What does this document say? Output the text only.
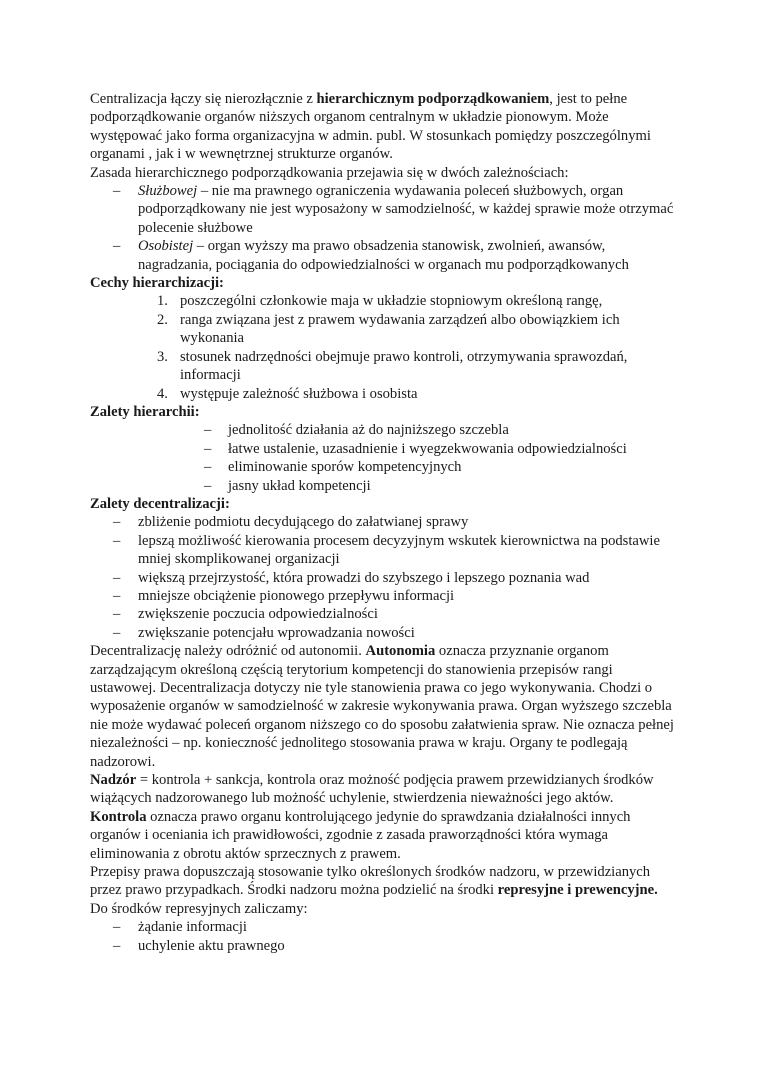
Centralizacja łączy się nierozłącznie z hierarchicznym podporządkowaniem, jest to pełne podporządkowanie organów niższych organom centralnym w układzie pionowym. Może występować jako forma organizacyjna w admin. publ. W stosunkach pomiędzy poszczególnymi organami , jak i w wewnętrznej strukturze organów.

Zasada hierarchicznego podporządkowania przejawia się w dwóch zależnościach:

– Służbowej – nie ma prawnego ograniczenia wydawania poleceń służbowych, organ podporządkowany nie jest wyposażony w samodzielność, w każdej sprawie może otrzymać polecenie służbowe
– Osobistej – organ wyższy ma prawo obsadzenia stanowisk, zwolnień, awansów, nagradzania, pociągania do odpowiedzialności w organach mu podporządkowanych

Cechy hierarchizacji:

1. poszczególni członkowie maja w układzie stopniowym określoną rangę,
2. ranga związana jest z prawem wydawania zarządzeń albo obowiązkiem ich wykonania
3. stosunek nadrzędności obejmuje prawo kontroli, otrzymywania sprawozdań, informacji
4. występuje zależność służbowa i osobista

Zalety hierarchii:

– jednolitość działania aż do najniższego szczebla
– łatwe ustalenie, uzasadnienie i wyegzekwowania odpowiedzialności
– eliminowanie sporów kompetencyjnych
– jasny układ kompetencji

Zalety decentralizacji:

– zbliżenie podmiotu decydującego do załatwianej sprawy
– lepszą możliwość kierowania procesem decyzyjnym wskutek kierownictwa na podstawie mniej skomplikowanej organizacji
– większą przejrzystość, która prowadzi do szybszego i lepszego poznania wad
– mniejsze obciążenie pionowego przepływu informacji
– zwiększenie poczucia odpowiedzialności
– zwiększanie potencjału wprowadzania nowości

Decentralizację należy odróżnić od autonomii. Autonomia oznacza przyznanie organom zarządzającym określoną częścią terytorium kompetencji do stanowienia przepisów rangi ustawowej. Decentralizacja dotyczy nie tyle stanowienia prawa co jego wykonywania. Chodzi o wyposażenie organów w samodzielność w zakresie wykonywania prawa. Organ wyższego szczebla nie może wydawać poleceń organom niższego co do sposobu załatwienia spraw. Nie oznacza pełnej niezależności – np. konieczność jednolitego stosowania prawa w kraju. Organy te podlegają nadzorowi.

Nadzór = kontrola + sankcja, kontrola oraz możność podjęcia prawem przewidzianych środków wiążących nadzorowanego lub możność uchylenie, stwierdzenia nieważności jego aktów.

Kontrola oznacza prawo organu kontrolującego jedynie do sprawdzania działalności innych organów i oceniania ich prawidłowości, zgodnie z zasada praworządności która wymaga eliminowania z obrotu aktów sprzecznych z prawem.

Przepisy prawa dopuszczają stosowanie tylko określonych środków nadzoru, w przewidzianych przez prawo przypadkach. Środki nadzoru można podzielić na środki represyjne i prewencyjne.

Do środków represyjnych zaliczamy:

– żądanie informacji
– uchylenie aktu prawnego
